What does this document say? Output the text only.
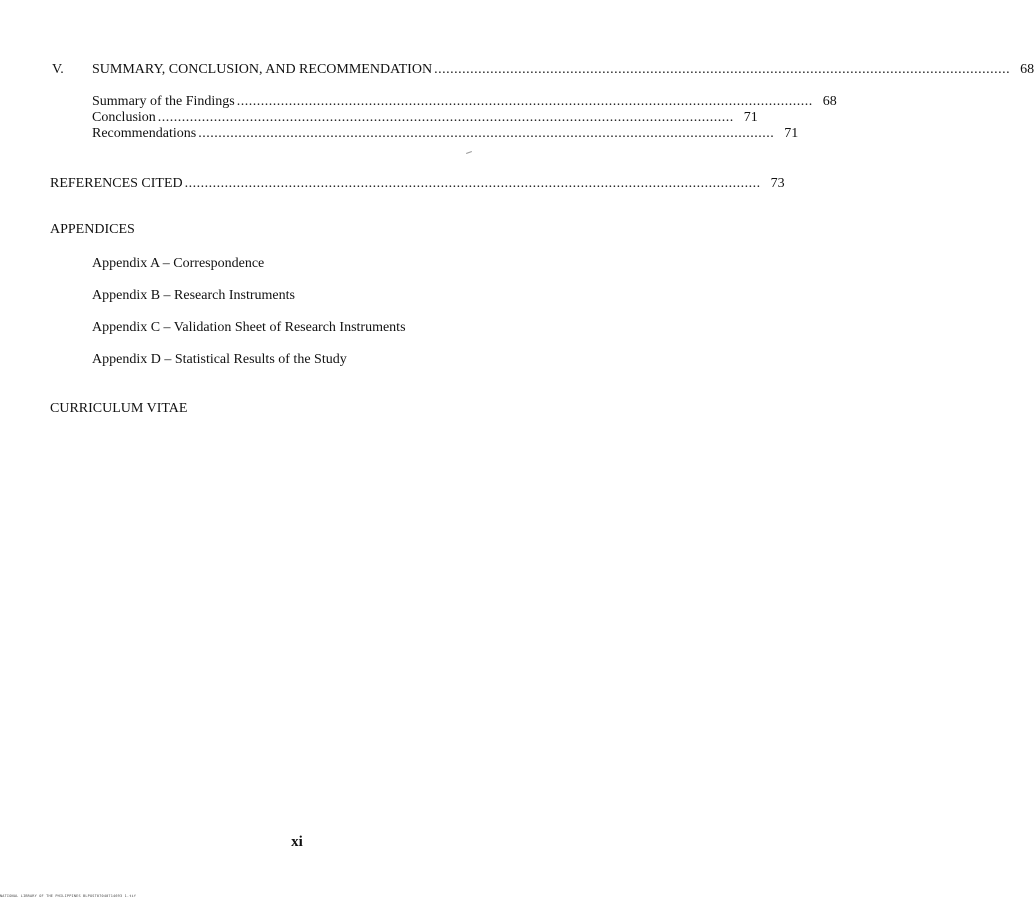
V.	SUMMARY, CONCLUSION, AND RECOMMENDATION ................................................................................................................................................ 68
Summary of the Findings ................................................................................................................................................ 68
Conclusion ................................................................................................................................................ 71
Recommendations ................................................................................................................................................ 71
REFERENCES CITED ................................................................................................................................................ 73
APPENDICES
Appendix A – Correspondence
Appendix B – Research Instruments
Appendix C – Validation Sheet of Research Instruments
Appendix D – Statistical Results of the Study
CURRICULUM VITAE
xi
NATIONAL LIBRARY OF THE PHILIPPINES BLPOST07040714693 1.tif
